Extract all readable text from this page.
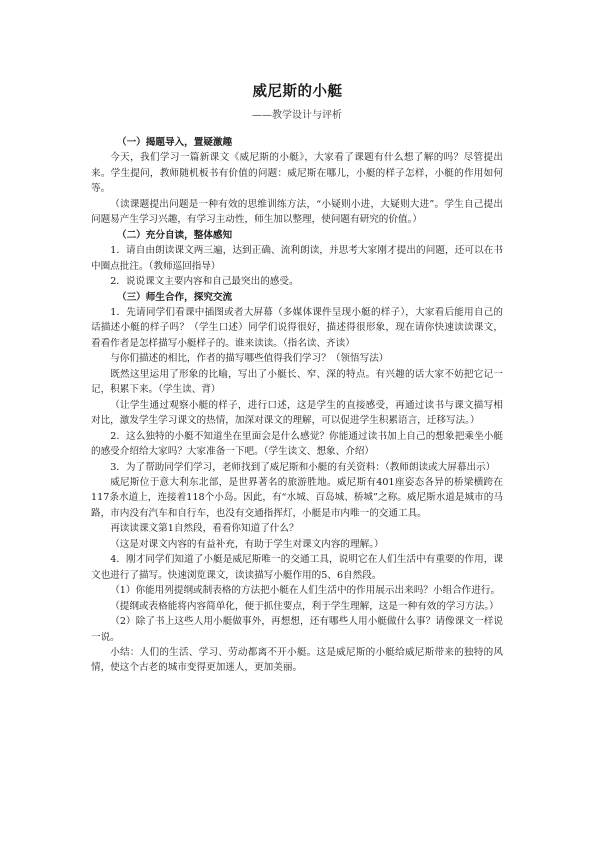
威尼斯的小艇
——教学设计与评析

（一）揭题导入，置疑激趣

今天，我们学习一篇新课文《威尼斯的小艇》，大家看了课题有什么想了解的吗？尽管提出来。学生提问，教师随机板书有价值的问题：威尼斯在哪儿，小艇的样子怎样，小艇的作用如何等。

（读课题提出问题是一种有效的思维训练方法，“小疑则小进，大疑则大进”。学生自己提出问题易产生学习兴趣，有学习主动性，师生加以整理，使问题有研究的价值。）

（二）充分自读，整体感知

1．请自由朗读课文两三遍，达到正确、流利朗读，并思考大家刚才提出的问题，还可以在书中圈点批注。（教师巡回指导）

2．说说课文主要内容和自己最突出的感受。

（三）师生合作，探究交流

1．先请同学们看课中插图或者大屏幕（多媒体课件呈现小艇的样子），大家看后能用自己的话描述小艇的样子吗？（学生口述）同学们说得很好，描述得很形象，现在请你快速读读课文，看看作者是怎样描写小艇样子的。谁来读读。（指名读、齐读）

与你们描述的相比，作者的描写哪些值得我们学习？（领悟写法）

既然这里运用了形象的比喻，写出了小艇长、窄、深的特点。有兴趣的话大家不妨把它记一记，积累下来。（学生读、背）

（让学生通过观察小艇的样子，进行口述，这是学生的直接感受，再通过读书与课文描写相对比，激发学生学习课文的热情，加深对课文的理解，可以促进学生积累语言，迁移写法。）

2．这么独特的小艇不知道坐在里面会是什么感觉？你能通过读书加上自己的想象把乘坐小艇的感受介绍给大家吗？大家准备一下吧。（学生读文、想象、介绍）

3．为了帮助同学们学习，老师找到了威尼斯和小艇的有关资料：（教师朗读或大屏幕出示）

威尼斯位于意大利东北部，是世界著名的旅游胜地。威尼斯有401座姿态各异的桥梁横跨在117条水道上，连接着118个小岛。因此，有“水城、百岛城、桥城”之称。威尼斯水道是城市的马路，市内没有汽车和自行车，也没有交通指挥灯，小艇是市内唯一的交通工具。

再读读课文第1自然段，看看你知道了什么？

（这是对课文内容的有益补充，有助于学生对课文内容的理解。）

4．刚才同学们知道了小艇是威尼斯唯一的交通工具，说明它在人们生活中有重要的作用，课文也进行了描写。快速浏览课文，读读描写小艇作用的5、6自然段。

（1）你能用列提纲或制表格的方法把小艇在人们生活中的作用展示出来吗？小组合作进行。

（提纲或表格能将内容简单化，便于抓住要点，利于学生理解，这是一种有效的学习方法。）

（2）除了书上这些人用小艇做事外，再想想，还有哪些人用小艇做什么事？请像课文一样说一说。

小结：人们的生活、学习、劳动都离不开小艇。这是威尼斯的小艇给威尼斯带来的独特的风情，使这个古老的城市变得更加迷人，更加美丽。
